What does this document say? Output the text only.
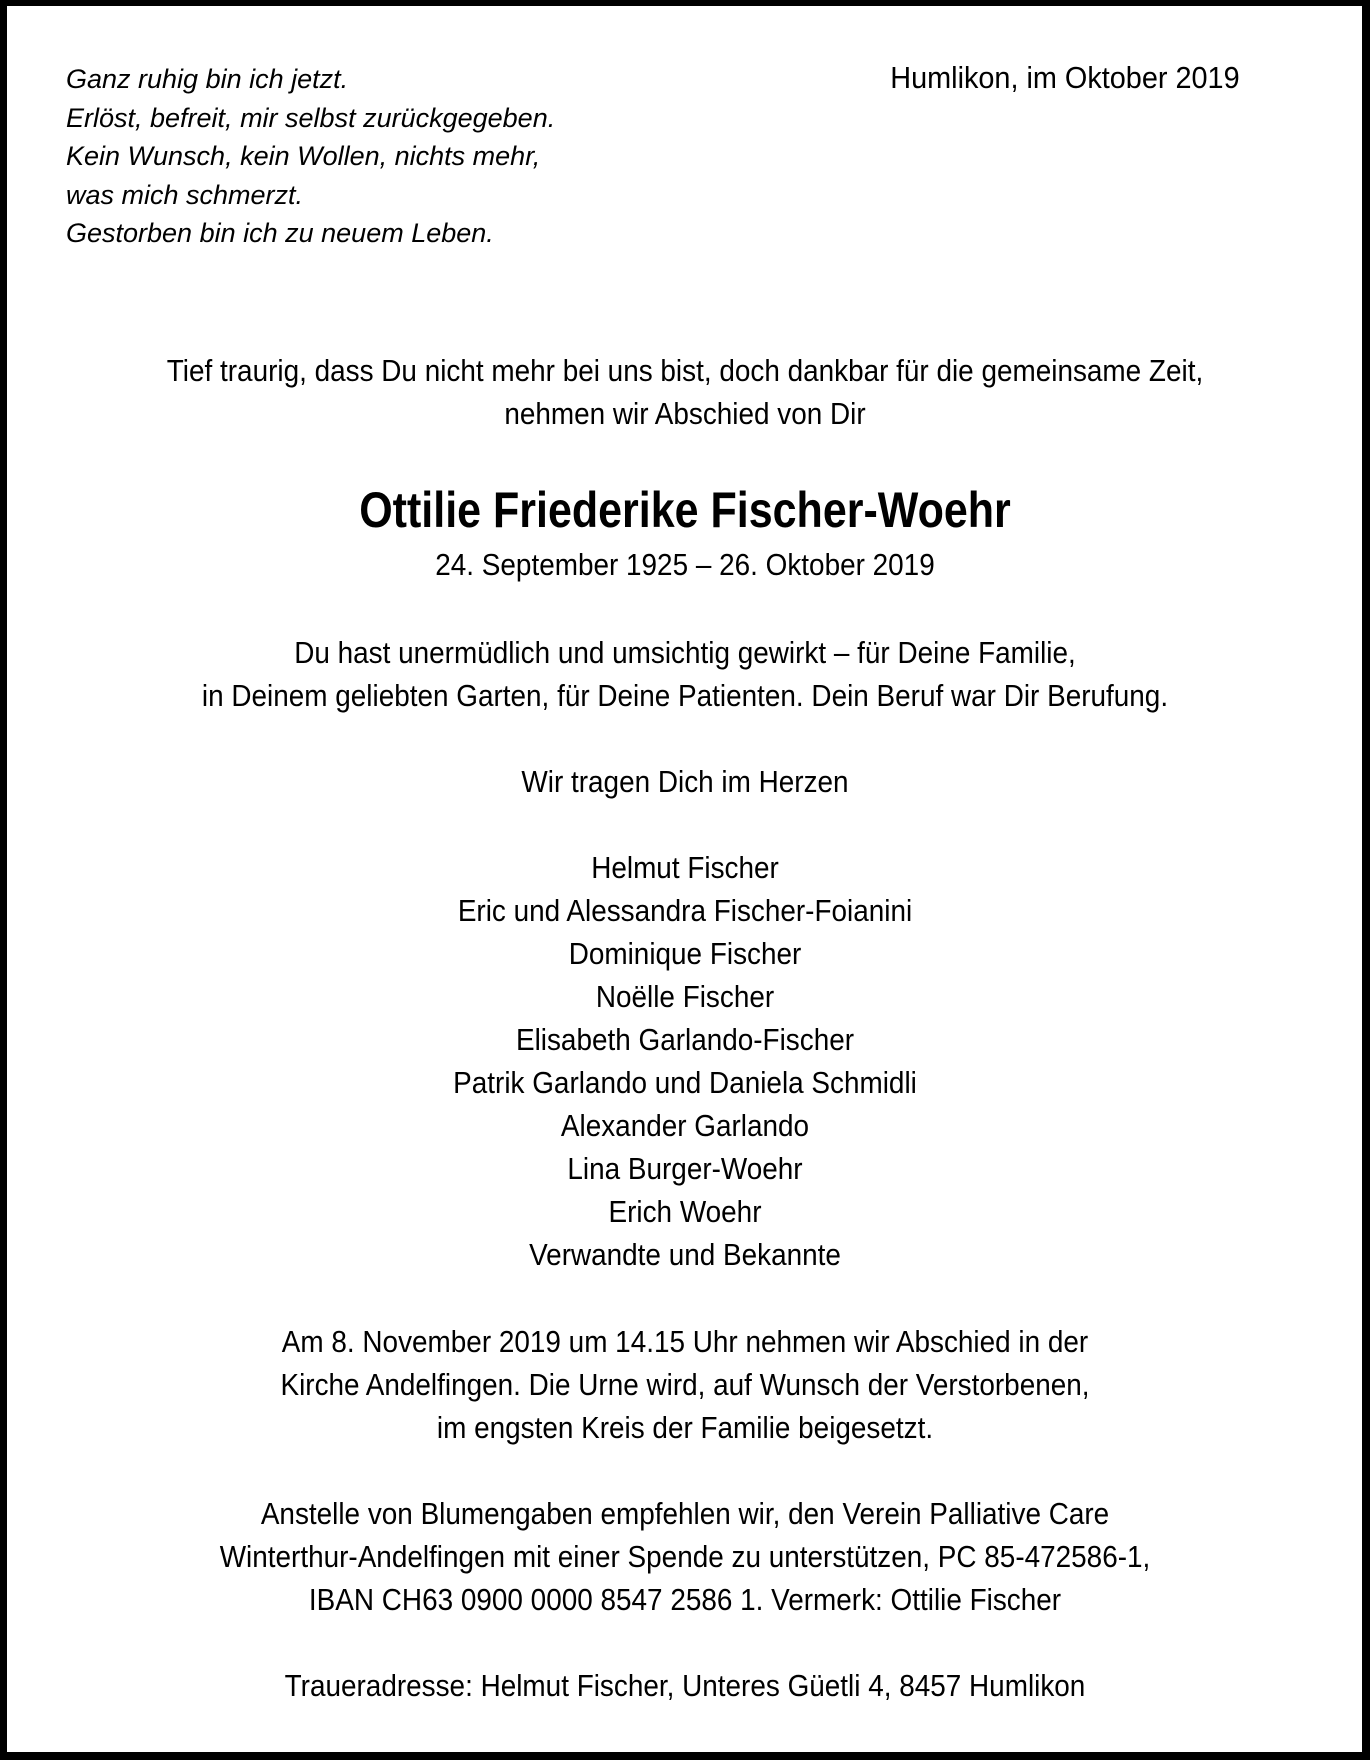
Ganz ruhig bin ich jetzt.
Erlöst, befreit, mir selbst zurückgegeben.
Kein Wunsch, kein Wollen, nichts mehr,
was mich schmerzt.
Gestorben bin ich zu neuem Leben.
Humlikon, im Oktober 2019
Tief traurig, dass Du nicht mehr bei uns bist, doch dankbar für die gemeinsame Zeit,
nehmen wir Abschied von Dir
Ottilie Friederike Fischer-Woehr
24. September 1925 – 26. Oktober 2019
Du hast unermüdlich und umsichtig gewirkt – für Deine Familie,
in Deinem geliebten Garten, für Deine Patienten. Dein Beruf war Dir Berufung.
Wir tragen Dich im Herzen
Helmut Fischer
Eric und Alessandra Fischer-Foianini
Dominique Fischer
Noëlle Fischer
Elisabeth Garlando-Fischer
Patrik Garlando und Daniela Schmidli
Alexander Garlando
Lina Burger-Woehr
Erich Woehr
Verwandte und Bekannte
Am 8. November 2019 um 14.15 Uhr nehmen wir Abschied in der
Kirche Andelfingen. Die Urne wird, auf Wunsch der Verstorbenen,
im engsten Kreis der Familie beigesetzt.
Anstelle von Blumengaben empfehlen wir, den Verein Palliative Care
Winterthur-Andelfingen mit einer Spende zu unterstützen, PC 85-472586-1,
IBAN CH63 0900 0000 8547 2586 1. Vermerk: Ottilie Fischer
Traueradresse: Helmut Fischer, Unteres Güetli 4, 8457 Humlikon
